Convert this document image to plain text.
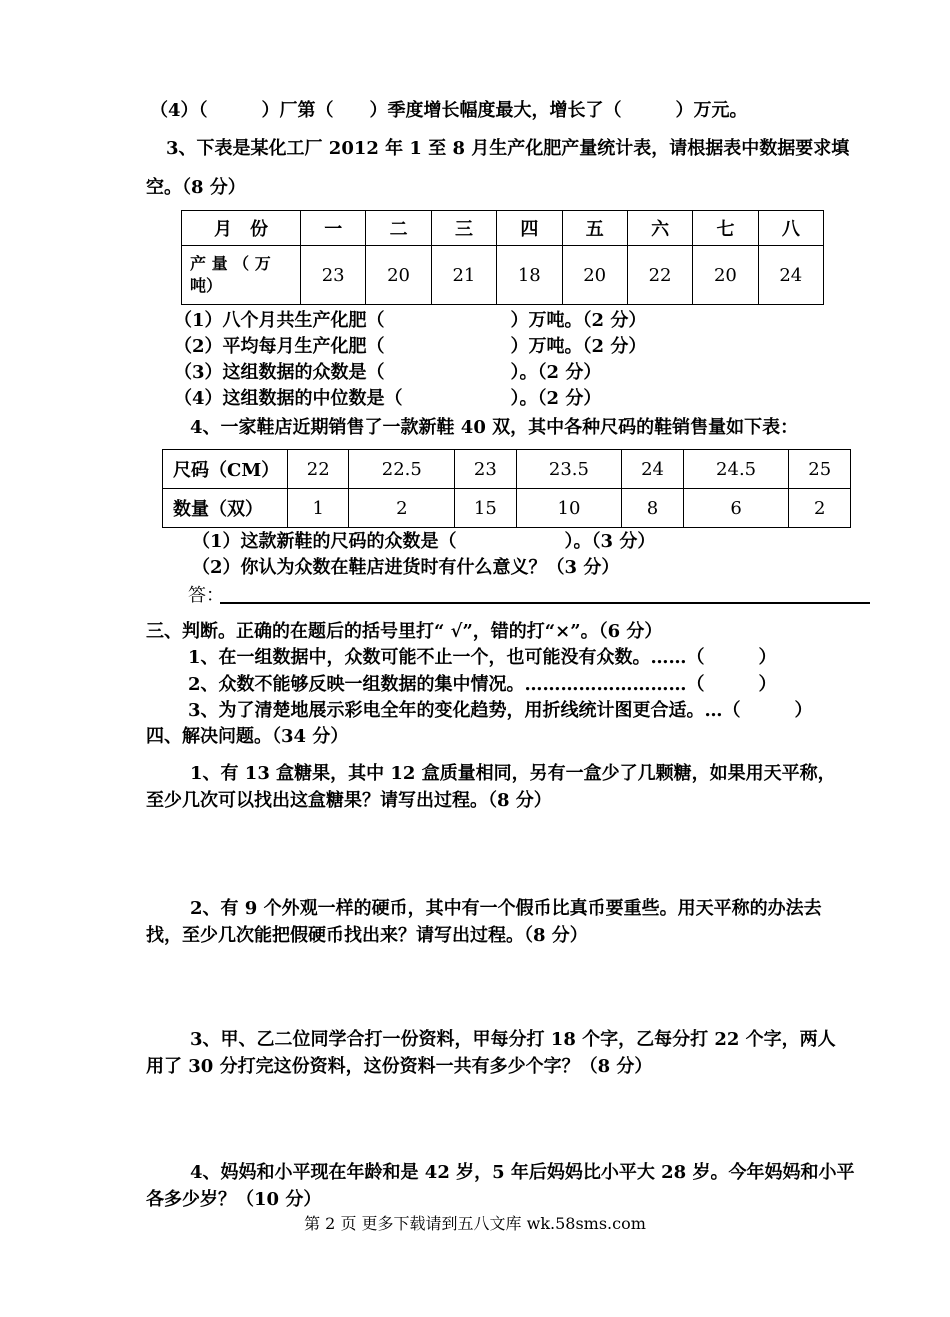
（4）（　　　）厂第（　　）季度增长幅度最大，增长了（　　　）万元。
3、下表是某化工厂 2012 年 1 至 8 月生产化肥产量统计表，请根据表中数据要求填
空。（8 分）
月　份	一	二	三	四	五	六	七	八
产 量 （ 万
吨）	23	20	21	18	20	22	20	24
（1）八个月共生产化肥（　　　　　　　）万吨。（2 分）
（2）平均每月生产化肥（　　　　　　　）万吨。（2 分）
（3）这组数据的众数是（　　　　　　　）。（2 分）
（4）这组数据的中位数是（　　　　　　）。（2 分）
4、一家鞋店近期销售了一款新鞋 40 双，其中各种尺码的鞋销售量如下表：
尺码（CM）	22	22.5	23	23.5	24	24.5	25
数量（双）	1	2	15	10	8	6	2
（1）这款新鞋的尺码的众数是（　　　　　　）。（3 分）
（2）你认为众数在鞋店进货时有什么意义？（3 分）
答：
三、判断。正确的在题后的括号里打“ √”，错的打“×”。（6 分）
1、在一组数据中，众数可能不止一个，也可能没有众数。……（　　　）
2、众数不能够反映一组数据的集中情况。………………………（　　　）
3、为了清楚地展示彩电全年的变化趋势，用折线统计图更合适。…（　　　）
四、解决问题。（34 分）
1、有 13 盒糖果，其中 12 盒质量相同，另有一盒少了几颗糖，如果用天平称，
至少几次可以找出这盒糖果？请写出过程。（8 分）
2、有 9 个外观一样的硬币，其中有一个假币比真币要重些。用天平称的办法去
找，至少几次能把假硬币找出来？请写出过程。（8 分）
3、甲、乙二位同学合打一份资料，甲每分打 18 个字，乙每分打 22 个字，两人
用了 30 分打完这份资料，这份资料一共有多少个字？（8 分）
4、妈妈和小平现在年龄和是 42 岁，5 年后妈妈比小平大 28 岁。今年妈妈和小平
各多少岁？（10 分）
第 2 页 更多下载请到五八文库 wk.58sms.com
